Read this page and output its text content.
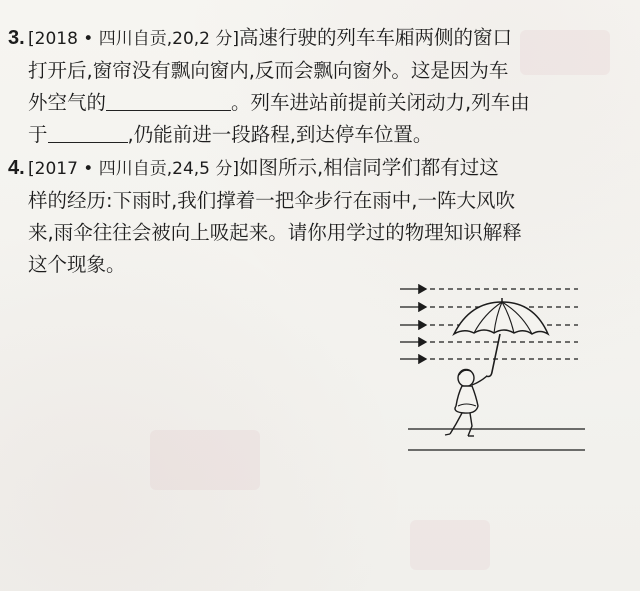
3. [2018 • 四川自贡,20,2 分]高速行驶的列车车厢两侧的窗口
打开后,窗帘没有飘向窗内,反而会飘向窗外。这是因为车
外空气的	。列车进站前提前关闭动力,列车由
于	,仍能前进一段路程,到达停车位置。
4. [2017 • 四川自贡,24,5 分]如图所示,相信同学们都有过这
样的经历:下雨时,我们撑着一把伞步行在雨中,一阵大风吹
来,雨伞往往会被向上吸起来。请你用学过的物理知识解释
这个现象。
